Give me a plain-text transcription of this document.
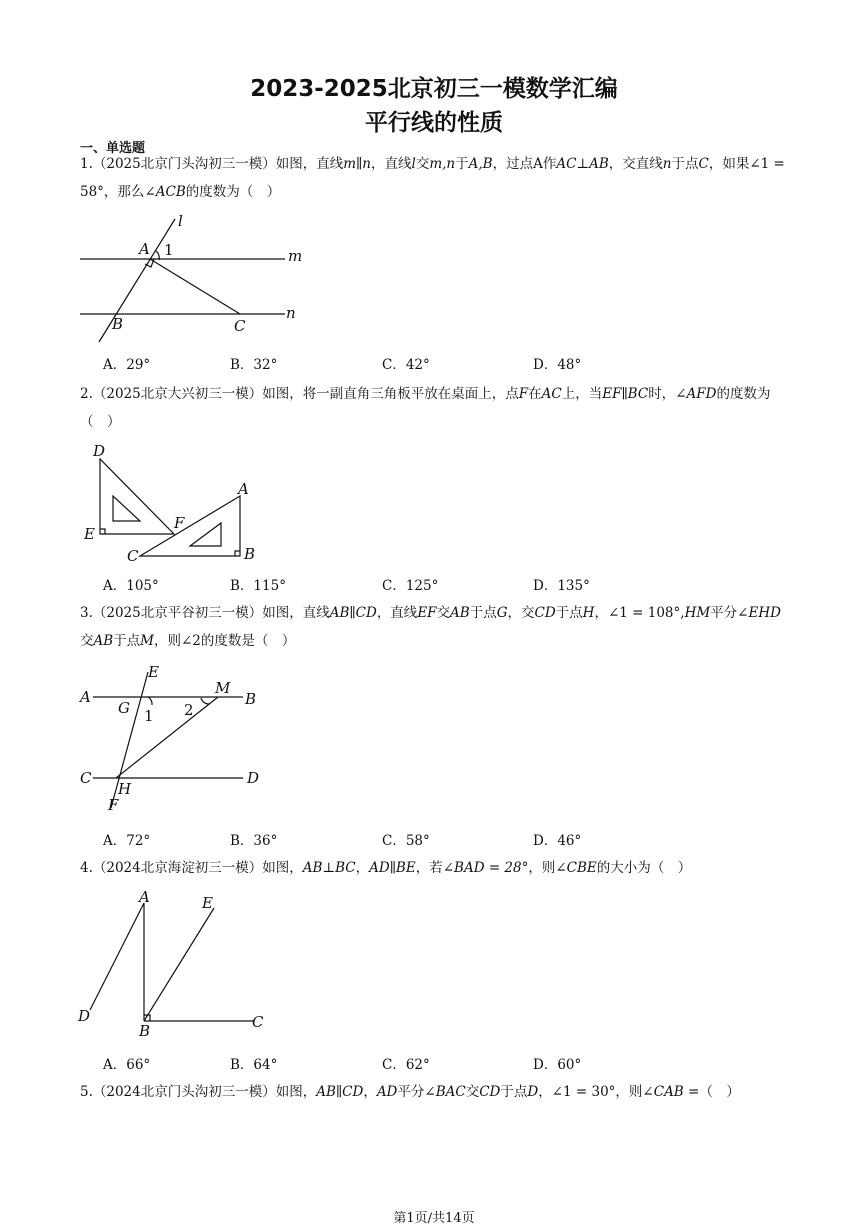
2023-2025北京初三一模数学汇编
平行线的性质
一、单选题
1.（2025北京门头沟初三一模）如图，直线m∥n，直线l交m,n于A,B，过点A作AC⊥AB，交直线n于点C，如果∠1 = 58°，那么∠ACB的度数为（　）
l
m
n
A 1
B	C
A．29°	B．32°	C．42°	D．48°
2.（2025北京大兴初三一模）如图，将一副直角三角板平放在桌面上，点F在AC上，当EF∥BC时，∠AFD的度数为（　）
D
E
F
A
C	B
A．105°	B．115°	C．125°	D．135°
3.（2025北京平谷初三一模）如图，直线AB∥CD，直线EF交AB于点G，交CD于点H，∠1 = 108°,HM平分∠EHD交AB于点M，则∠2的度数是（　）
E
M
A	B
G 1 2
C	D
H
F
A．72°	B．36°	C．58°	D．46°
4.（2024北京海淀初三一模）如图，AB⊥BC，AD∥BE，若∠BAD = 28°，则∠CBE的大小为（　）
A	E
D
B	C
A．66°	B．64°	C．62°	D．60°
5.（2024北京门头沟初三一模）如图，AB∥CD，AD平分∠BAC交CD于点D，∠1 = 30°，则∠CAB =（　）
第1页/共14页
